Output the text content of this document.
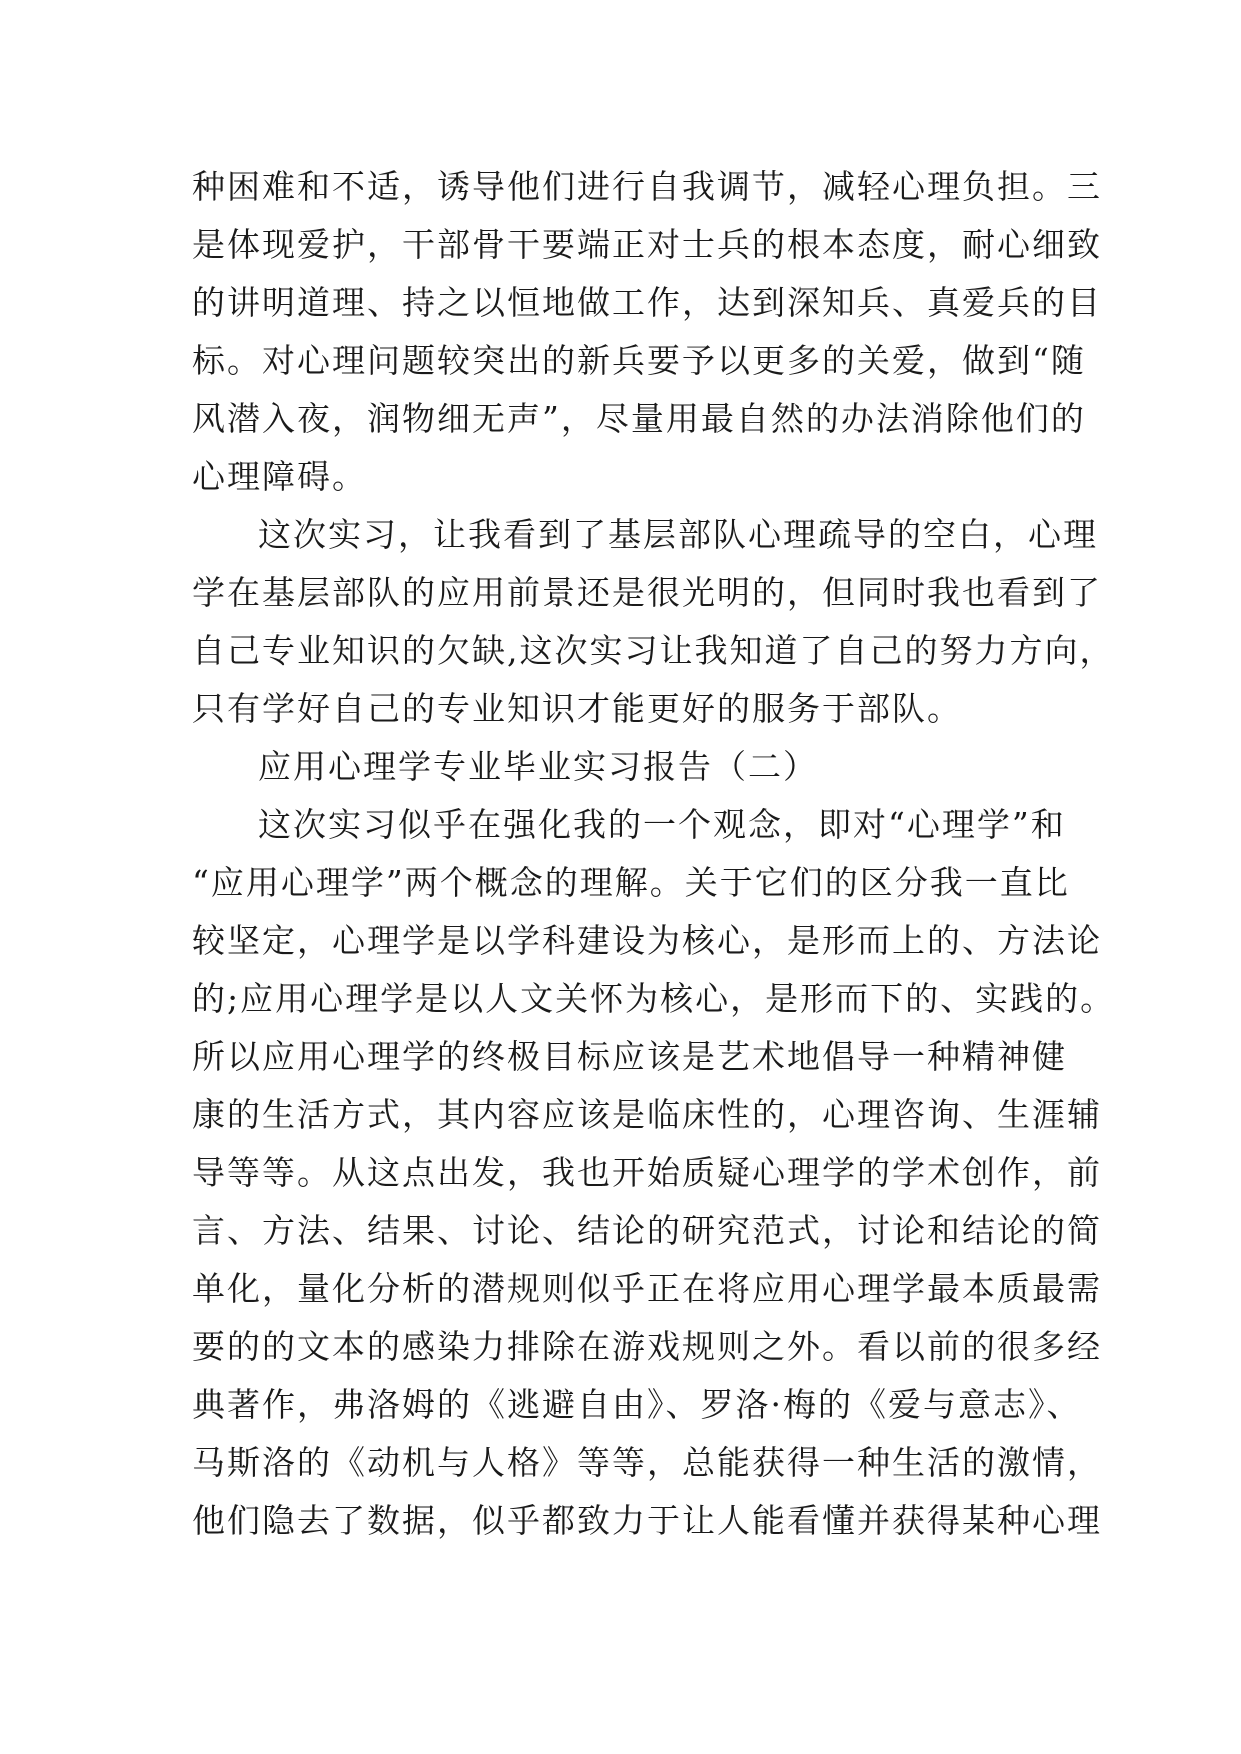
种困难和不适，诱导他们进行自我调节，减轻心理负担。三
是体现爱护，干部骨干要端正对士兵的根本态度，耐心细致
的讲明道理、持之以恒地做工作，达到深知兵、真爱兵的目
标。对心理问题较突出的新兵要予以更多的关爱，做到“随
风潜入夜，润物细无声”，尽量用最自然的办法消除他们的
心理障碍。
这次实习，让我看到了基层部队心理疏导的空白，心理
学在基层部队的应用前景还是很光明的，但同时我也看到了
自己专业知识的欠缺,这次实习让我知道了自己的努力方向，
只有学好自己的专业知识才能更好的服务于部队。
应用心理学专业毕业实习报告（二）
这次实习似乎在强化我的一个观念，即对“心理学”和
“应用心理学”两个概念的理解。关于它们的区分我一直比
较坚定，心理学是以学科建设为核心，是形而上的、方法论
的;应用心理学是以人文关怀为核心，是形而下的、实践的。
所以应用心理学的终极目标应该是艺术地倡导一种精神健
康的生活方式，其内容应该是临床性的，心理咨询、生涯辅
导等等。从这点出发，我也开始质疑心理学的学术创作，前
言、方法、结果、讨论、结论的研究范式，讨论和结论的简
单化，量化分析的潜规则似乎正在将应用心理学最本质最需
要的的文本的感染力排除在游戏规则之外。看以前的很多经
典著作，弗洛姆的《逃避自由》、罗洛·梅的《爱与意志》、
马斯洛的《动机与人格》等等，总能获得一种生活的激情，
他们隐去了数据，似乎都致力于让人能看懂并获得某种心理
